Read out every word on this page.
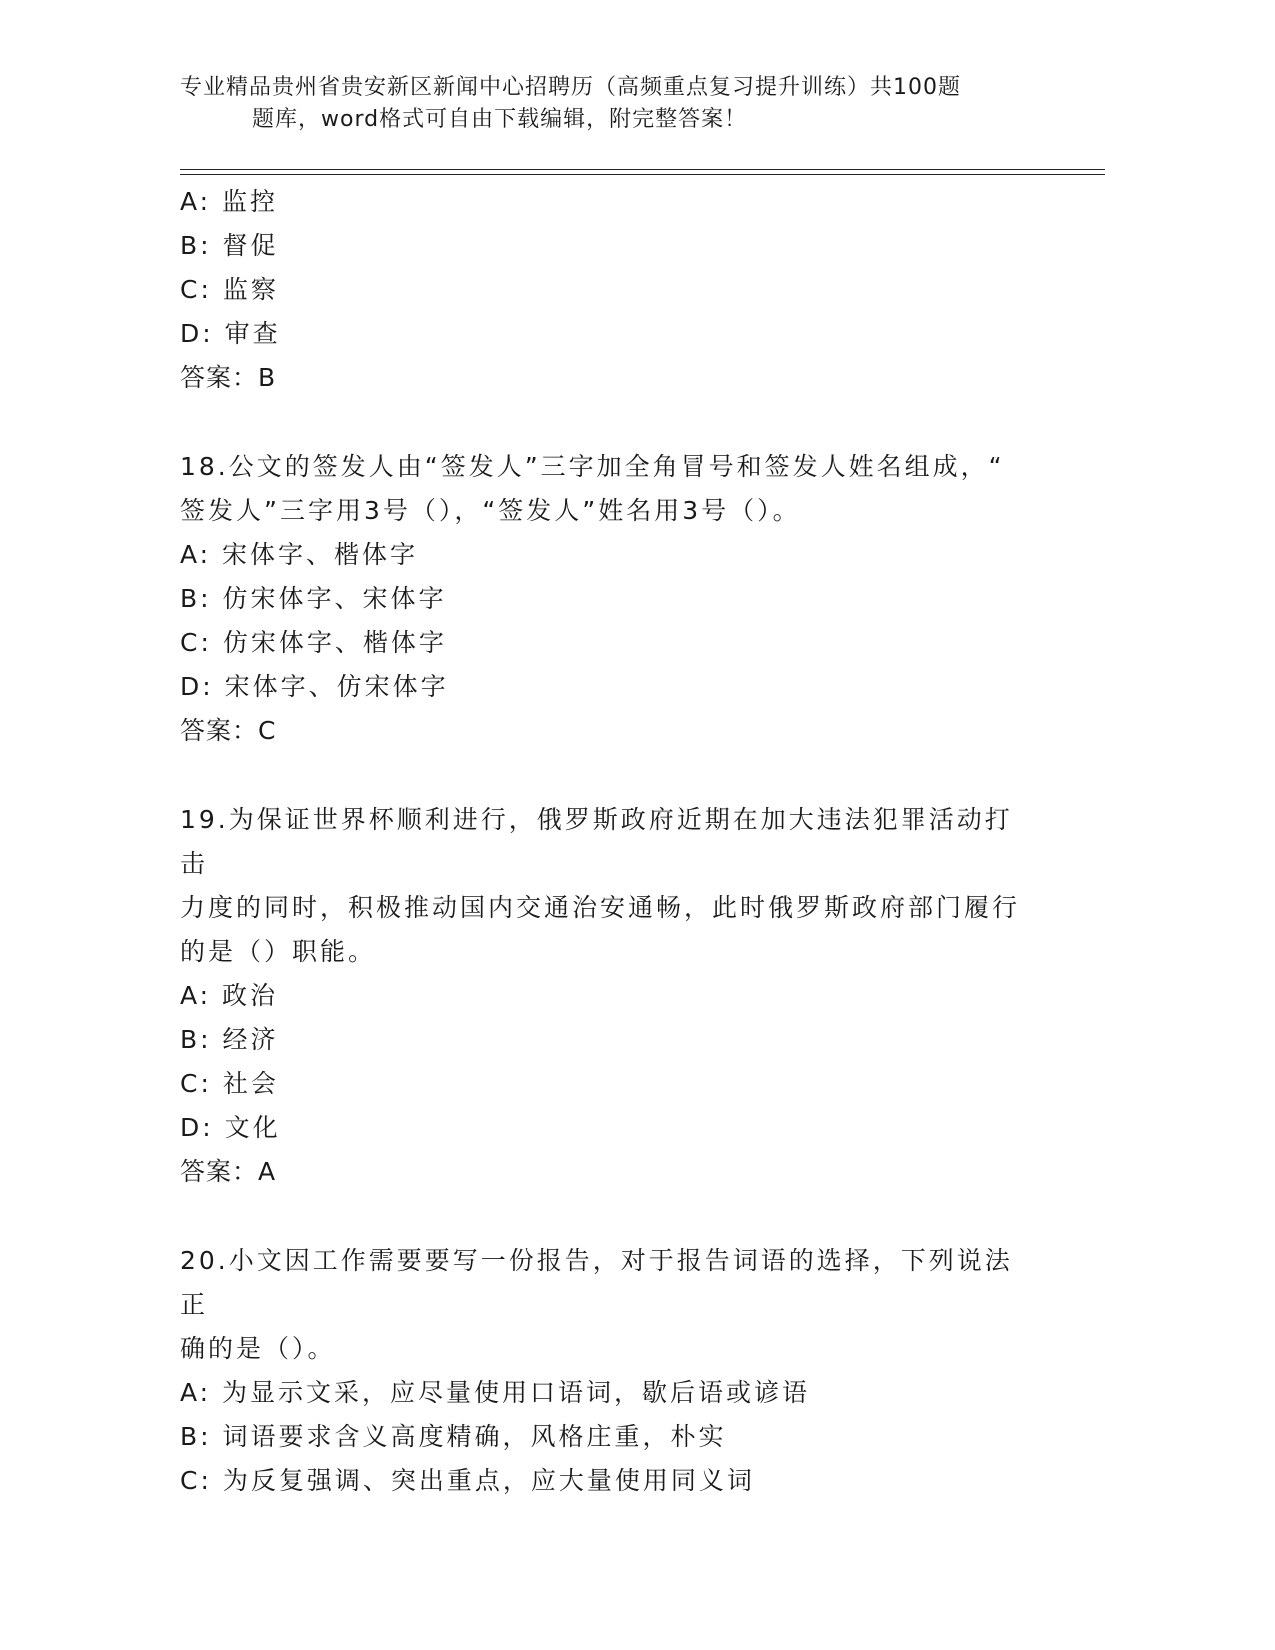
专业精品贵州省贵安新区新闻中心招聘历（高频重点复习提升训练）共100题
题库，word格式可自由下载编辑，附完整答案！
A: 监控
B: 督促
C: 监察
D: 审查
答案：B
18.公文的签发人由“签发人”三字加全角冒号和签发人姓名组成，“
签发人”三字用3号（），“签发人”姓名用3号（）。
A: 宋体字、楷体字
B: 仿宋体字、宋体字
C: 仿宋体字、楷体字
D: 宋体字、仿宋体字
答案：C
19.为保证世界杯顺利进行，俄罗斯政府近期在加大违法犯罪活动打击
力度的同时，积极推动国内交通治安通畅，此时俄罗斯政府部门履行
的是（）职能。
A: 政治
B: 经济
C: 社会
D: 文化
答案：A
20.小文因工作需要要写一份报告，对于报告词语的选择，下列说法正
确的是（）。
A: 为显示文采，应尽量使用口语词，歇后语或谚语
B: 词语要求含义高度精确，风格庄重，朴实
C: 为反复强调、突出重点，应大量使用同义词
